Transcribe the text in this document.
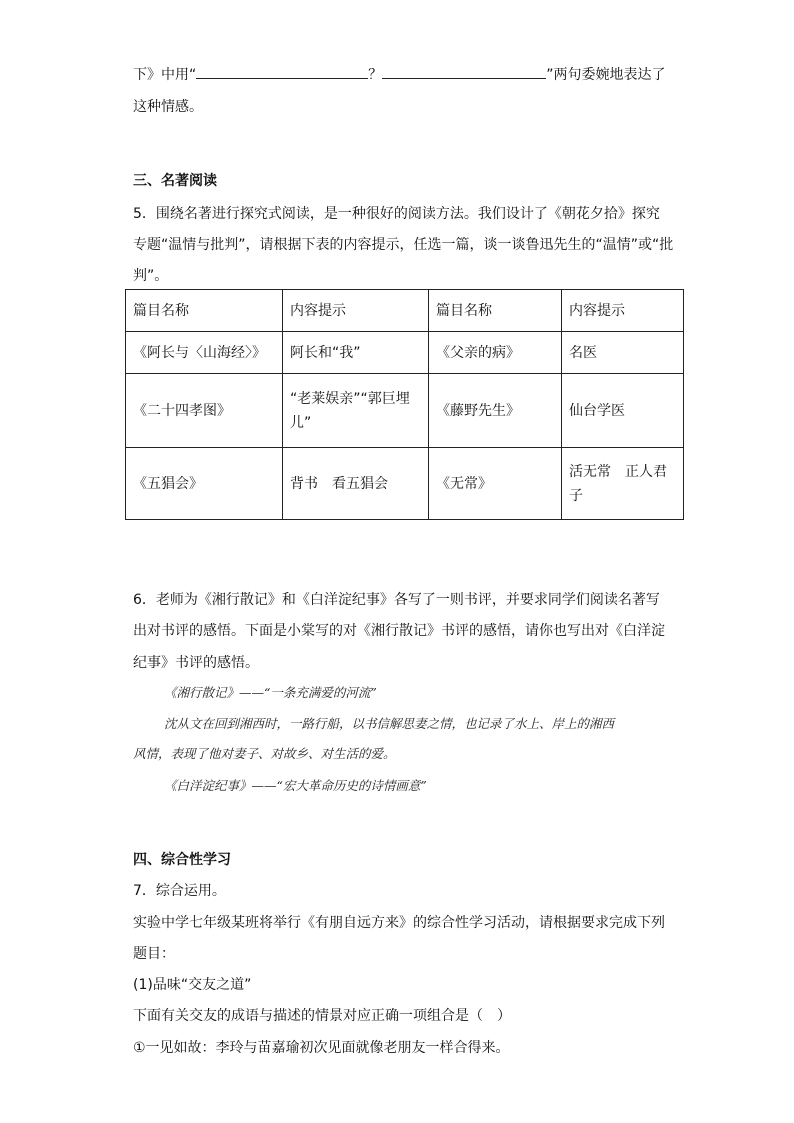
下》中用“	？	”两句委婉地表达了
这种情感。
三、名著阅读
5．围绕名著进行探究式阅读，是一种很好的阅读方法。我们设计了《朝花夕拾》探究
专题“温情与批判”，请根据下表的内容提示，任选一篇，谈一谈鲁迅先生的“温情”或“批
判”。
篇目名称	内容提示	篇目名称	内容提示
《阿长与〈山海经〉》	阿长和“我”	《父亲的病》	名医
《二十四孝图》	“老莱娱亲”“郭巨埋儿”	《藤野先生》	仙台学医
《五猖会》	背书　看五猖会	《无常》	活无常　正人君子
6．老师为《湘行散记》和《白洋淀纪事》各写了一则书评，并要求同学们阅读名著写
出对书评的感悟。下面是小棠写的对《湘行散记》书评的感悟，请你也写出对《白洋淀
纪事》书评的感悟。
《湘行散记》——“一条充满爱的河流”
沈从文在回到湘西时，一路行船，以书信解思妻之情，也记录了水上、岸上的湘西
风情，表现了他对妻子、对故乡、对生活的爱。
《白洋淀纪事》——“宏大革命历史的诗情画意”
四、综合性学习
7．综合运用。
实验中学七年级某班将举行《有朋自远方来》的综合性学习活动，请根据要求完成下列
题目：
(1)品味“交友之道”
下面有关交友的成语与描述的情景对应正确一项组合是（　）
①一见如故：李玲与苗嘉瑜初次见面就像老朋友一样合得来。
